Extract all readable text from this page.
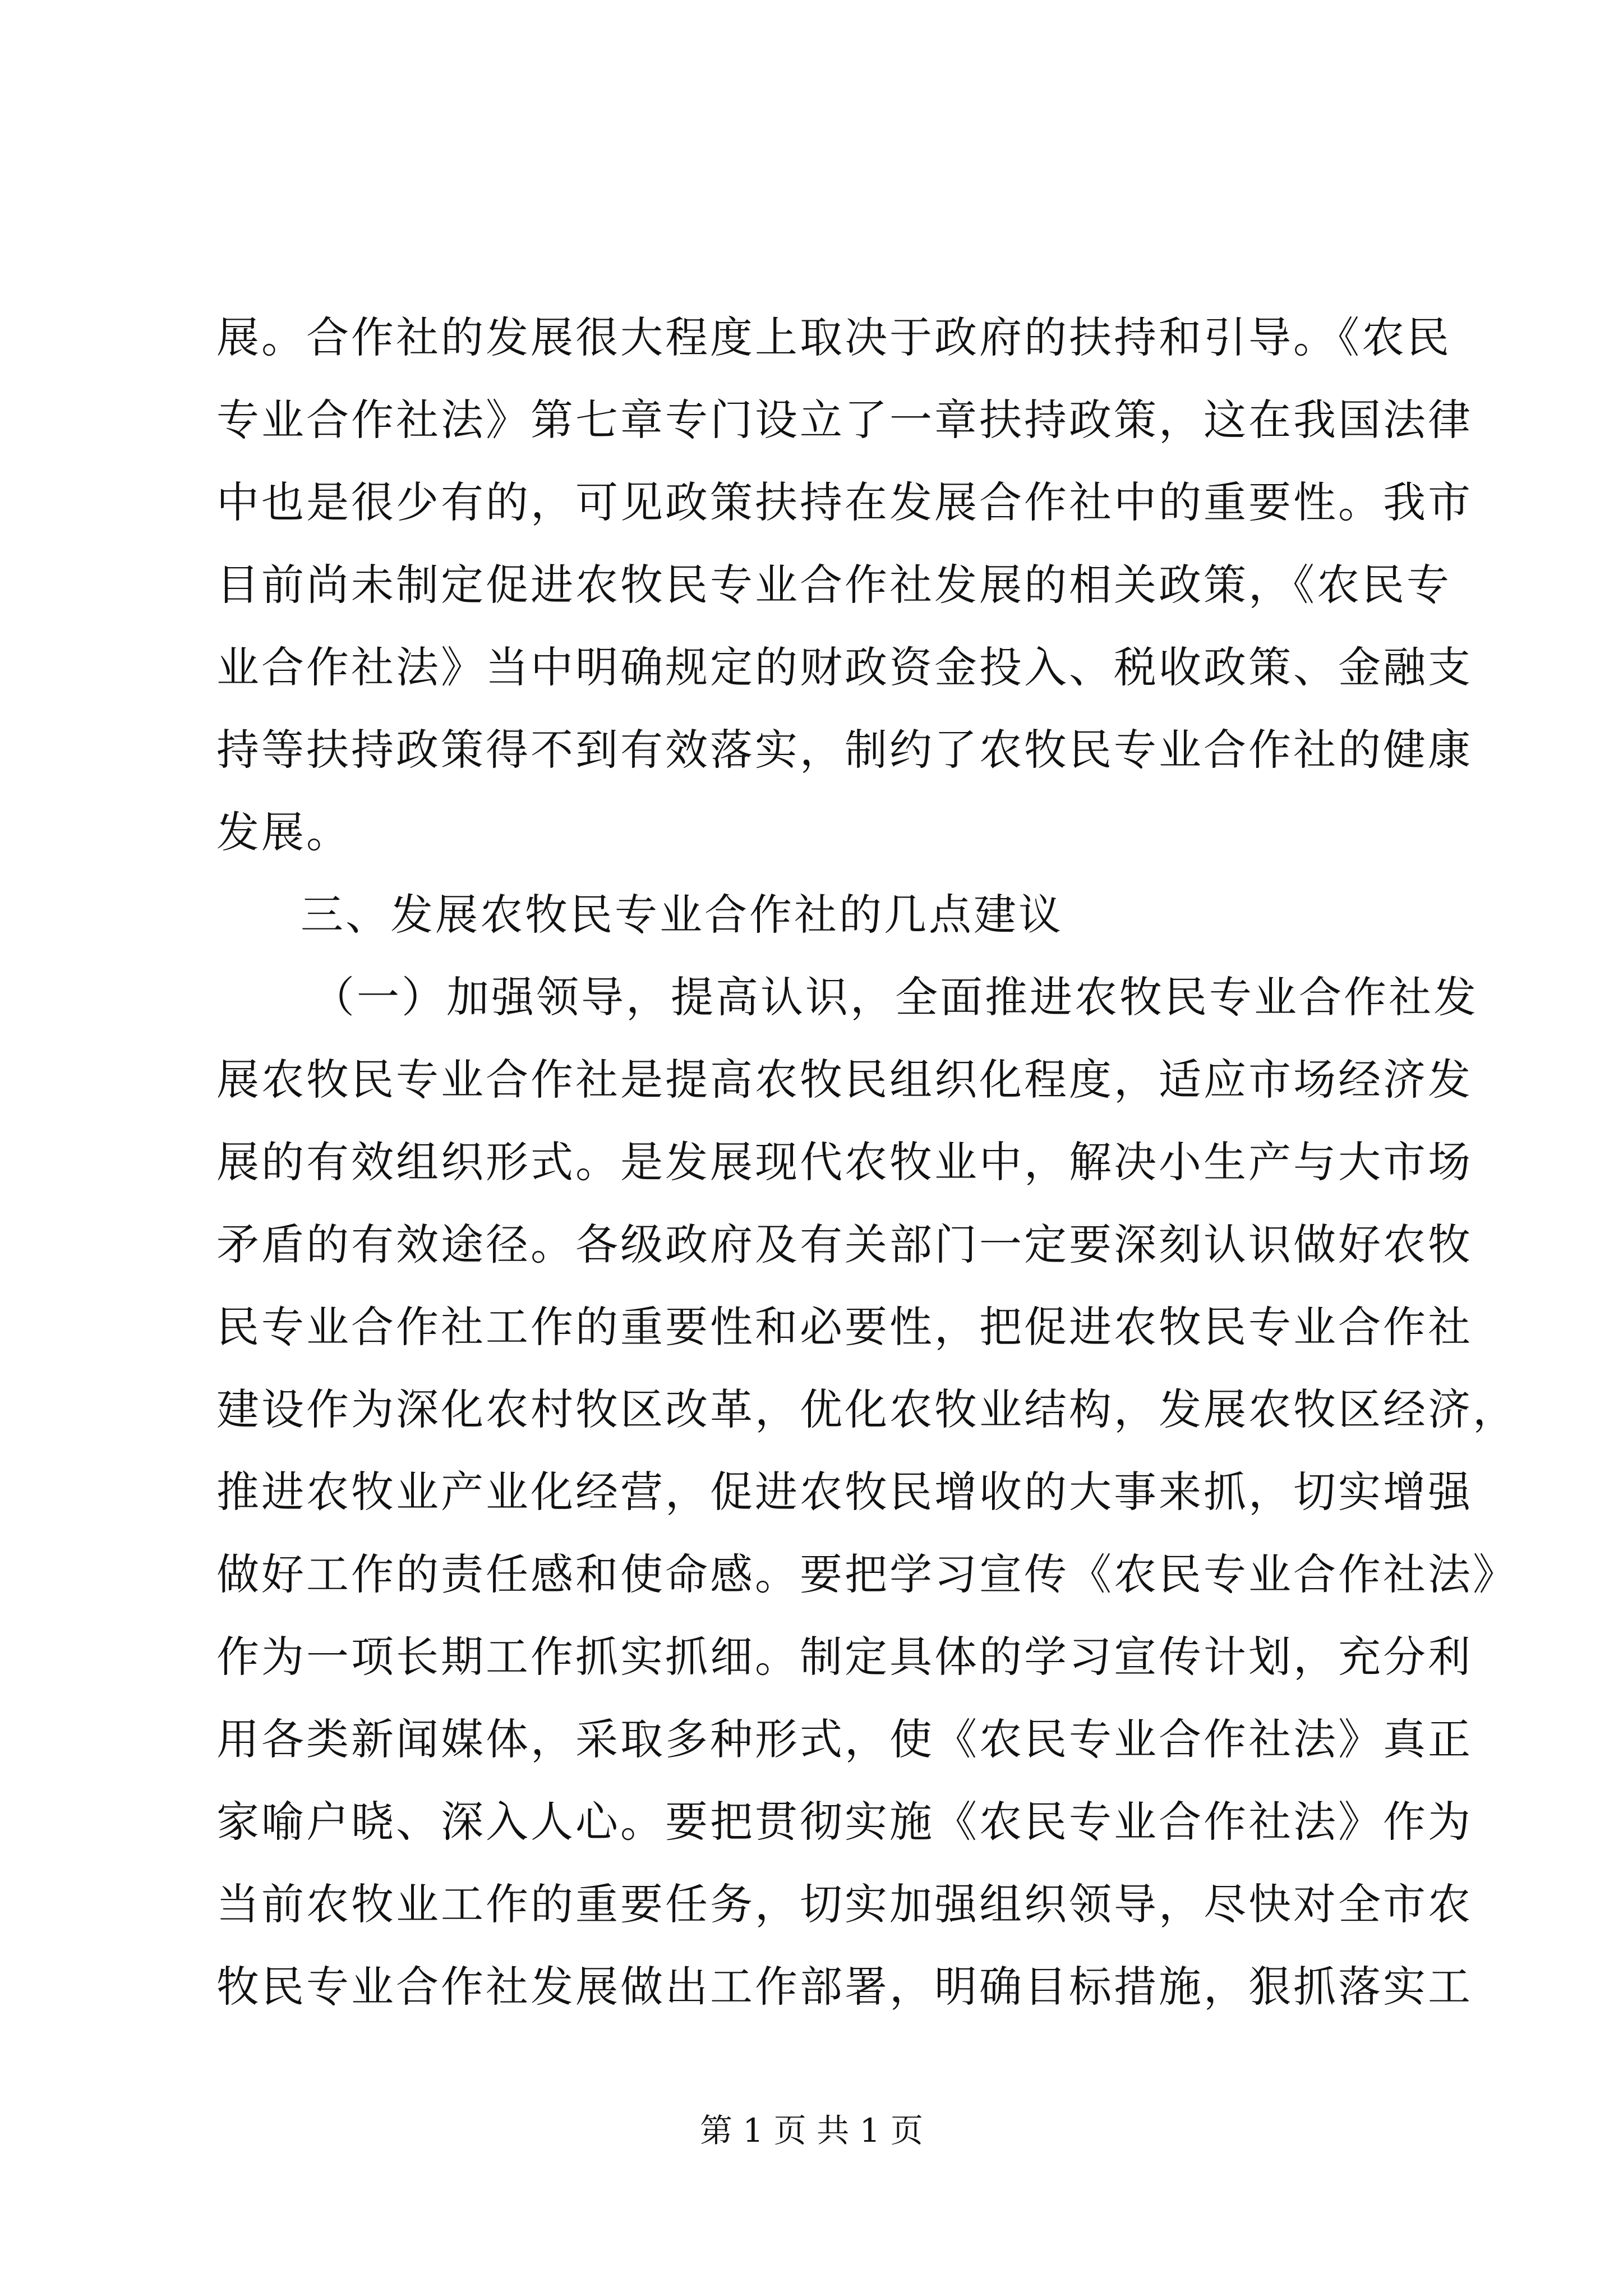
展。合作社的发展很大程度上取决于政府的扶持和引导。《农民
专业合作社法》第七章专门设立了一章扶持政策，这在我国法律
中也是很少有的，可见政策扶持在发展合作社中的重要性。我市
目前尚未制定促进农牧民专业合作社发展的相关政策，《农民专
业合作社法》当中明确规定的财政资金投入、税收政策、金融支
持等扶持政策得不到有效落实，制约了农牧民专业合作社的健康
发展。
三、发展农牧民专业合作社的几点建议
（一）加强领导，提高认识，全面推进农牧民专业合作社发
展农牧民专业合作社是提高农牧民组织化程度，适应市场经济发
展的有效组织形式。是发展现代农牧业中，解决小生产与大市场
矛盾的有效途径。各级政府及有关部门一定要深刻认识做好农牧
民专业合作社工作的重要性和必要性，把促进农牧民专业合作社
建设作为深化农村牧区改革，优化农牧业结构，发展农牧区经济，
推进农牧业产业化经营，促进农牧民增收的大事来抓，切实增强
做好工作的责任感和使命感。要把学习宣传《农民专业合作社法》
作为一项长期工作抓实抓细。制定具体的学习宣传计划，充分利
用各类新闻媒体，采取多种形式，使《农民专业合作社法》真正
家喻户晓、深入人心。要把贯彻实施《农民专业合作社法》作为
当前农牧业工作的重要任务，切实加强组织领导，尽快对全市农
牧民专业合作社发展做出工作部署，明确目标措施，狠抓落实工
第 1 页 共 1 页
